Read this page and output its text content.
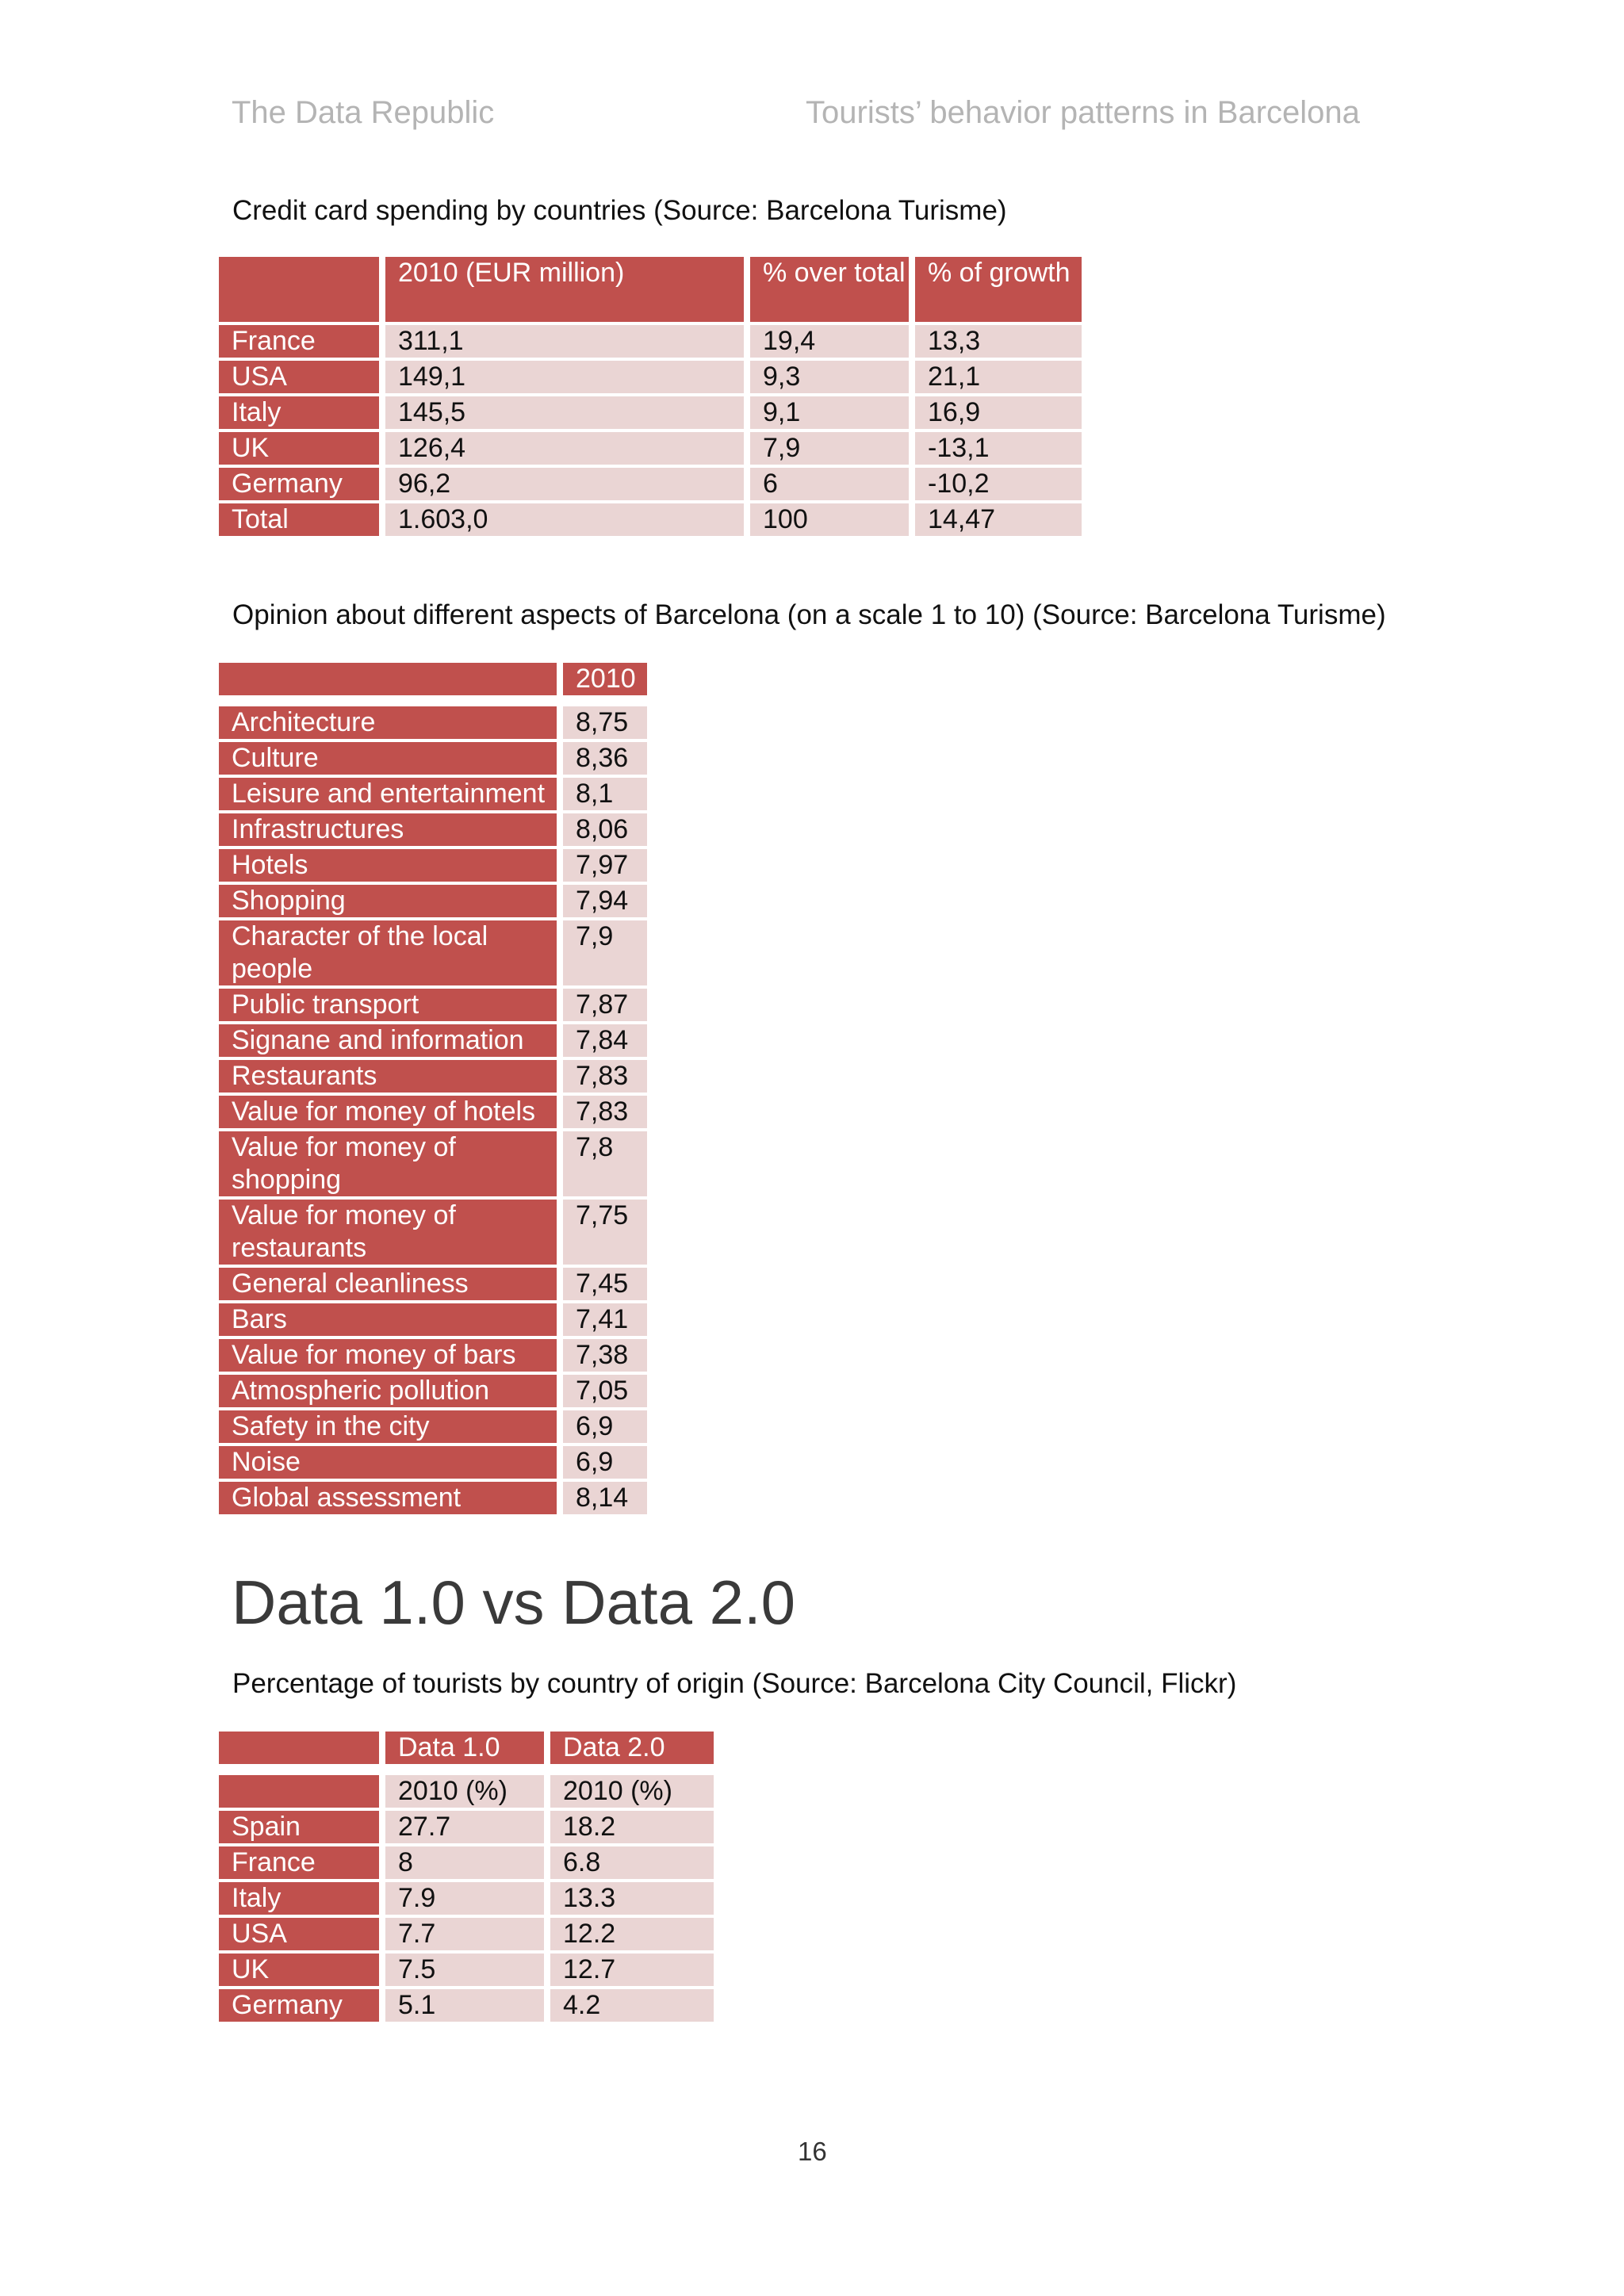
The Data Republic	Tourists’ behavior patterns in Barcelona
Credit card spending by countries (Source: Barcelona Turisme)
	2010 (EUR million)	% over total	% of growth
France	311,1	19,4	13,3
USA	149,1	9,3	21,1
Italy	145,5	9,1	16,9
UK	126,4	7,9	-13,1
Germany	96,2	6	-10,2
Total	1.603,0	100	14,47
Opinion about different aspects of Barcelona (on a scale 1 to 10) (Source: Barcelona Turisme)
	2010

Architecture	8,75
Culture	8,36
Leisure and entertainment	8,1
Infrastructures	8,06
Hotels	7,97
Shopping	7,94
Character of the local people	7,9
Public transport	7,87
Signane and information	7,84
Restaurants	7,83
Value for money of hotels	7,83
Value for money of shopping	7,8
Value for money of restaurants	7,75
General cleanliness	7,45
Bars	7,41
Value for money of bars	7,38
Atmospheric pollution	7,05
Safety in the city	6,9
Noise	6,9
Global assessment	8,14
Data 1.0 vs Data 2.0
Percentage of tourists by country of origin (Source: Barcelona City Council, Flickr)
	Data 1.0	Data 2.0

	2010 (%)	2010 (%)
Spain	27.7	18.2
France	8	6.8
Italy	7.9	13.3
USA	7.7	12.2
UK	7.5	12.7
Germany	5.1	4.2
16
